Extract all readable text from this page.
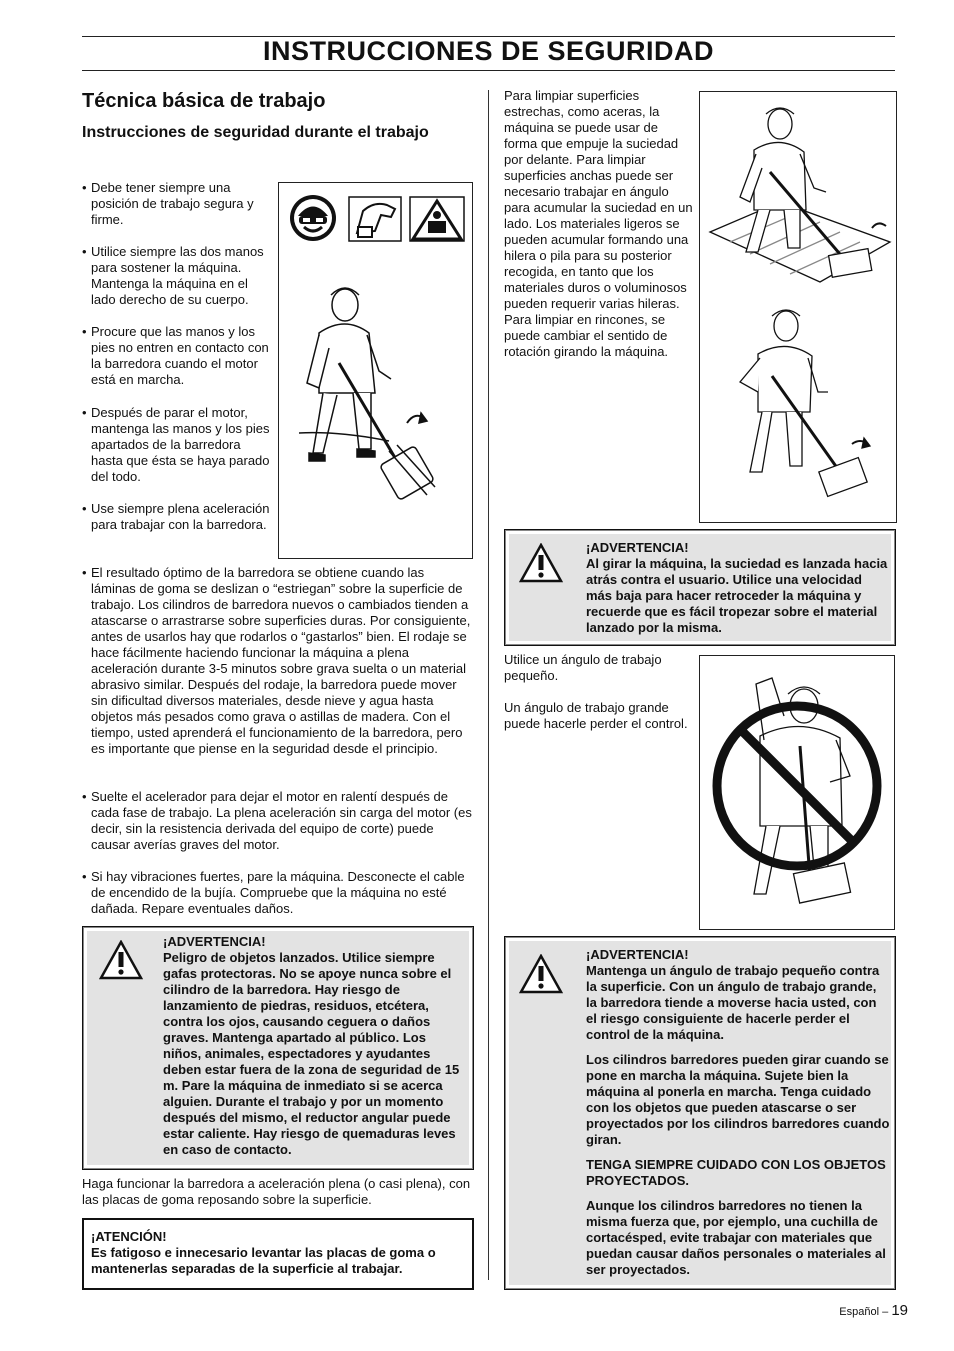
INSTRUCCIONES DE SEGURIDAD
Técnica básica de trabajo
Instrucciones de seguridad durante el trabajo
• Debe tener siempre una posición de trabajo segura y firme.
• Utilice siempre las dos manos para sostener la máquina. Mantenga la máquina en el lado derecho de su cuerpo.
• Procure que las manos y los pies no entren en contacto con la barredora cuando el motor está en marcha.
• Después de parar el motor, mantenga las manos y los pies apartados de la barredora hasta que ésta se haya parado del todo.
• Use siempre plena aceleración para trabajar con la barredora.
• El resultado óptimo de la barredora se obtiene cuando las láminas de goma se deslizan o “estriegan” sobre la superficie de trabajo. Los cilindros de barredora nuevos o cambiados tienden a atascarse o arrastrarse sobre superficies duras. Por consiguiente, antes de usarlos hay que rodarlos o “gastarlos” bien. El rodaje se hace fácilmente haciendo funcionar la máquina a plena aceleración durante 3-5 minutos sobre grava suelta o un material abrasivo similar. Después del rodaje, la barredora puede mover sin dificultad diversos materiales, desde nieve y agua hasta objetos más pesados como grava o astillas de madera. Con el tiempo, usted aprenderá el funcionamiento de la barredora, pero es importante que piense en la seguridad desde el principio.
• Suelte el acelerador para dejar el motor en ralentí después de cada fase de trabajo. La plena aceleración sin carga del motor (es decir, sin la resistencia derivada del equipo de corte) puede causar averías graves del motor.
• Si hay vibraciones fuertes, pare la máquina. Desconecte el cable de encendido de la bujía. Compruebe que la máquina no esté dañada. Repare eventuales daños.
¡ADVERTENCIA!
Peligro de objetos lanzados. Utilice siempre gafas protectoras. No se apoye nunca sobre el cilindro de la barredora. Hay riesgo de lanzamiento de piedras, residuos, etcétera, contra los ojos, causando ceguera o daños graves. Mantenga apartado al público. Los niños, animales, espectadores y ayudantes deben estar fuera de la zona de seguridad de 15 m. Pare la máquina de inmediato si se acerca alguien. Durante el trabajo y por un momento después del mismo, el reductor angular puede estar caliente. Hay riesgo de quemaduras leves en caso de contacto.
Haga funcionar la barredora a aceleración plena (o casi plena), con las placas de goma reposando sobre la superficie.
¡ATENCIÓN!
Es fatigoso e innecesario levantar las placas de goma o mantenerlas separadas de la superficie al trabajar.
Para limpiar superficies estrechas, como aceras, la máquina se puede usar de forma que empuje la suciedad por delante. Para limpiar superficies anchas puede ser necesario trabajar en ángulo para acumular la suciedad en un lado. Los materiales ligeros se pueden acumular formando una hilera o pila para su posterior recogida, en tanto que los materiales duros o voluminosos pueden requerir varias hileras. Para limpiar en rincones, se puede cambiar el sentido de rotación girando la máquina.
¡ADVERTENCIA!
Al girar la máquina, la suciedad es lanzada hacia atrás contra el usuario. Utilice una velocidad más baja para hacer retroceder la máquina y recuerde que es fácil tropezar sobre el material lanzado por la misma.
Utilice un ángulo de trabajo pequeño.
Un ángulo de trabajo grande puede hacerle perder el control.
¡ADVERTENCIA!

Mantenga un ángulo de trabajo pequeño contra la superficie. Con un ángulo de trabajo grande, la barredora tiende a moverse hacia usted, con el riesgo consiguiente de hacerle perder el control de la máquina.

Los cilindros barredores pueden girar cuando se pone en marcha la máquina. Sujete bien la máquina al ponerla en marcha. Tenga cuidado con los objetos que pueden atascarse o ser proyectados por los cilindros barredores cuando giran.

TENGA SIEMPRE CUIDADO CON LOS OBJETOS PROYECTADOS.

Aunque los cilindros barredores no tienen la misma fuerza que, por ejemplo, una cuchilla de cortacésped, evite trabajar con materiales que puedan causar daños personales o materiales al ser proyectados.

Español – 19
